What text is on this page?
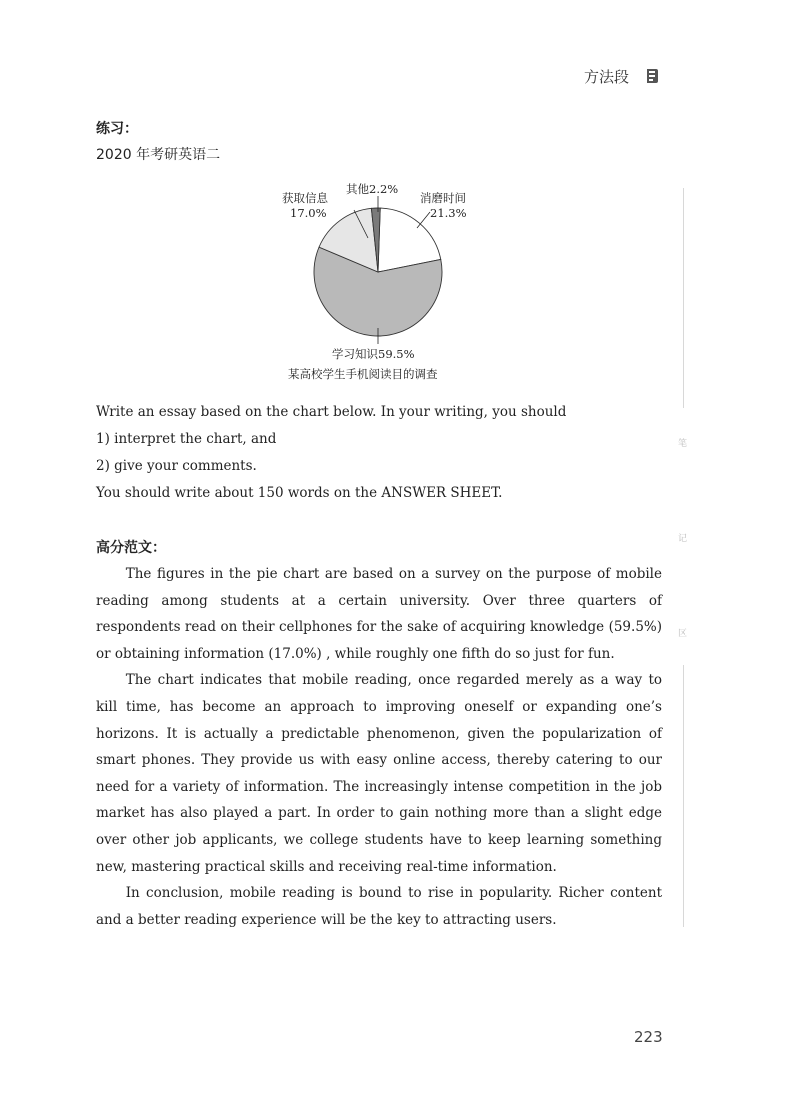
方法段
练习：
2020 年考研英语二
获取信息
17.0%
其他2.2%
消磨时间
21.3%
学习知识59.5%
某高校学生手机阅读目的调查
Write an essay based on the chart below. In your writing, you should
1) interpret the chart, and
2) give your comments.
You should write about 150 words on the ANSWER SHEET.
高分范文：

The figures in the pie chart are based on a survey on the purpose of mobile reading among students at a certain university. Over three quarters of respondents read on their cellphones for the sake of acquiring knowledge (59.5%) or obtaining information (17.0%) , while roughly one fifth do so just for fun.

The chart indicates that mobile reading, once regarded merely as a way to kill time, has become an approach to improving oneself or expanding one’s horizons. It is actually a predictable phenomenon, given the popularization of smart phones. They provide us with easy online access, thereby catering to our need for a variety of information. The increasingly intense competition in the job market has also played a part. In order to gain nothing more than a slight edge over other job applicants, we college students have to keep learning something new, mastering practical skills and receiving real-time information.

In conclusion, mobile reading is bound to rise in popularity. Richer content and a better reading experience will be the key to attracting users.

笔
记
区
223
